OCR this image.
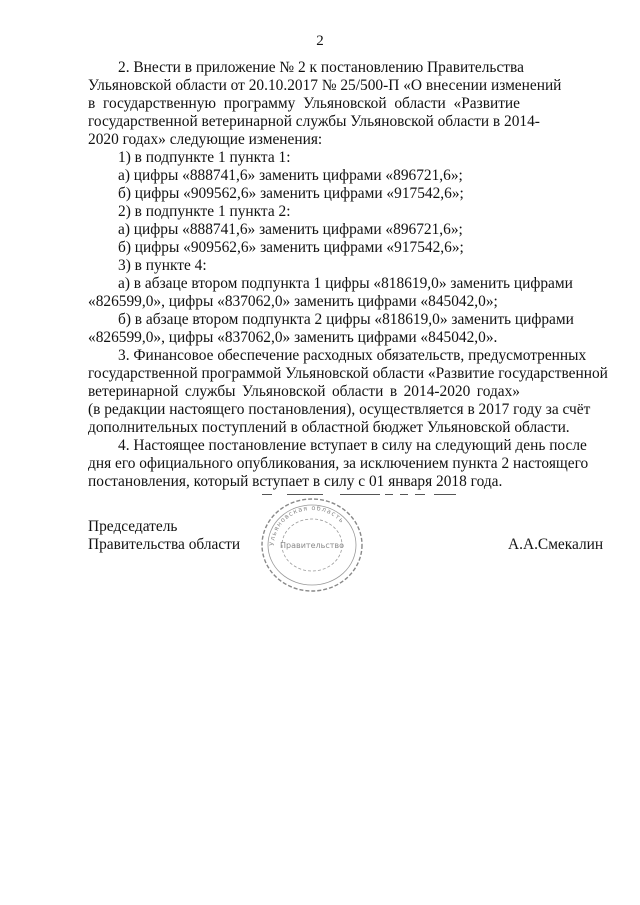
2
2. Внести в приложение № 2 к постановлению Правительства
Ульяновской области от 20.10.2017 № 25/500-П «О внесении изменений
в государственную программу Ульяновской области «Развитие
государственной ветеринарной службы Ульяновской области в 2014-
2020 годах» следующие изменения:
1) в подпункте 1 пункта 1:
а) цифры «888741,6» заменить цифрами «896721,6»;
б) цифры «909562,6» заменить цифрами «917542,6»;
2) в подпункте 1 пункта 2:
а) цифры «888741,6» заменить цифрами «896721,6»;
б) цифры «909562,6» заменить цифрами «917542,6»;
3) в пункте 4:
а) в абзаце втором подпункта 1 цифры «818619,0» заменить цифрами
«826599,0», цифры «837062,0» заменить цифрами «845042,0»;
б) в абзаце втором подпункта 2 цифры «818619,0» заменить цифрами
«826599,0», цифры «837062,0» заменить цифрами «845042,0».
3. Финансовое обеспечение расходных обязательств, предусмотренных
государственной программой Ульяновской области «Развитие государственной
ветеринарной службы Ульяновской области в 2014-2020 годах»
(в редакции настоящего постановления), осуществляется в 2017 году за счёт
дополнительных поступлений в областной бюджет Ульяновской области.
4. Настоящее постановление вступает в силу на следующий день после
дня его официального опубликования, за исключением пункта 2 настоящего
постановления, который вступает в силу с 01 января 2018 года.
Председатель
Правительства области	А.А.Смекалин
Ульяновская область
Правительство
